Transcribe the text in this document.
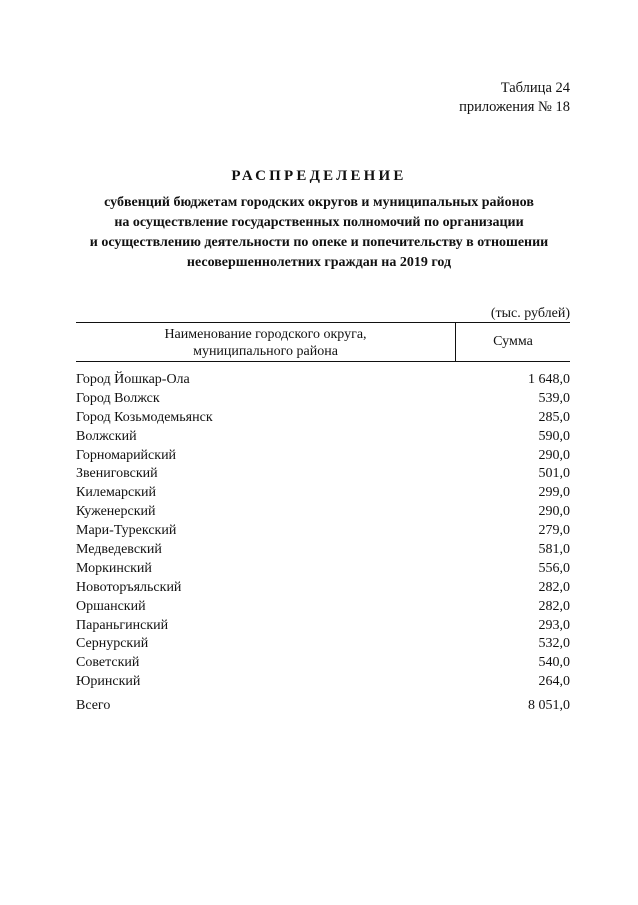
Таблица 24
приложения № 18
РАСПРЕДЕЛЕНИЕ
субвенций бюджетам городских округов и муниципальных районов
на осуществление государственных полномочий по организации
и осуществлению деятельности по опеке и попечительству в отношении
несовершеннолетних граждан на 2019 год
(тыс. рублей)
Наименование городского округа,
муниципального района
Сумма
Город Йошкар-Ола	1 648,0
Город Волжск	539,0
Город Козьмодемьянск	285,0
Волжский	590,0
Горномарийский	290,0
Звениговский	501,0
Килемарский	299,0
Куженерский	290,0
Мари-Турекский	279,0
Медведевский	581,0
Моркинский	556,0
Новоторъяльский	282,0
Оршанский	282,0
Параньгинский	293,0
Сернурский	532,0
Советский	540,0
Юринский	264,0
Всего	8 051,0
